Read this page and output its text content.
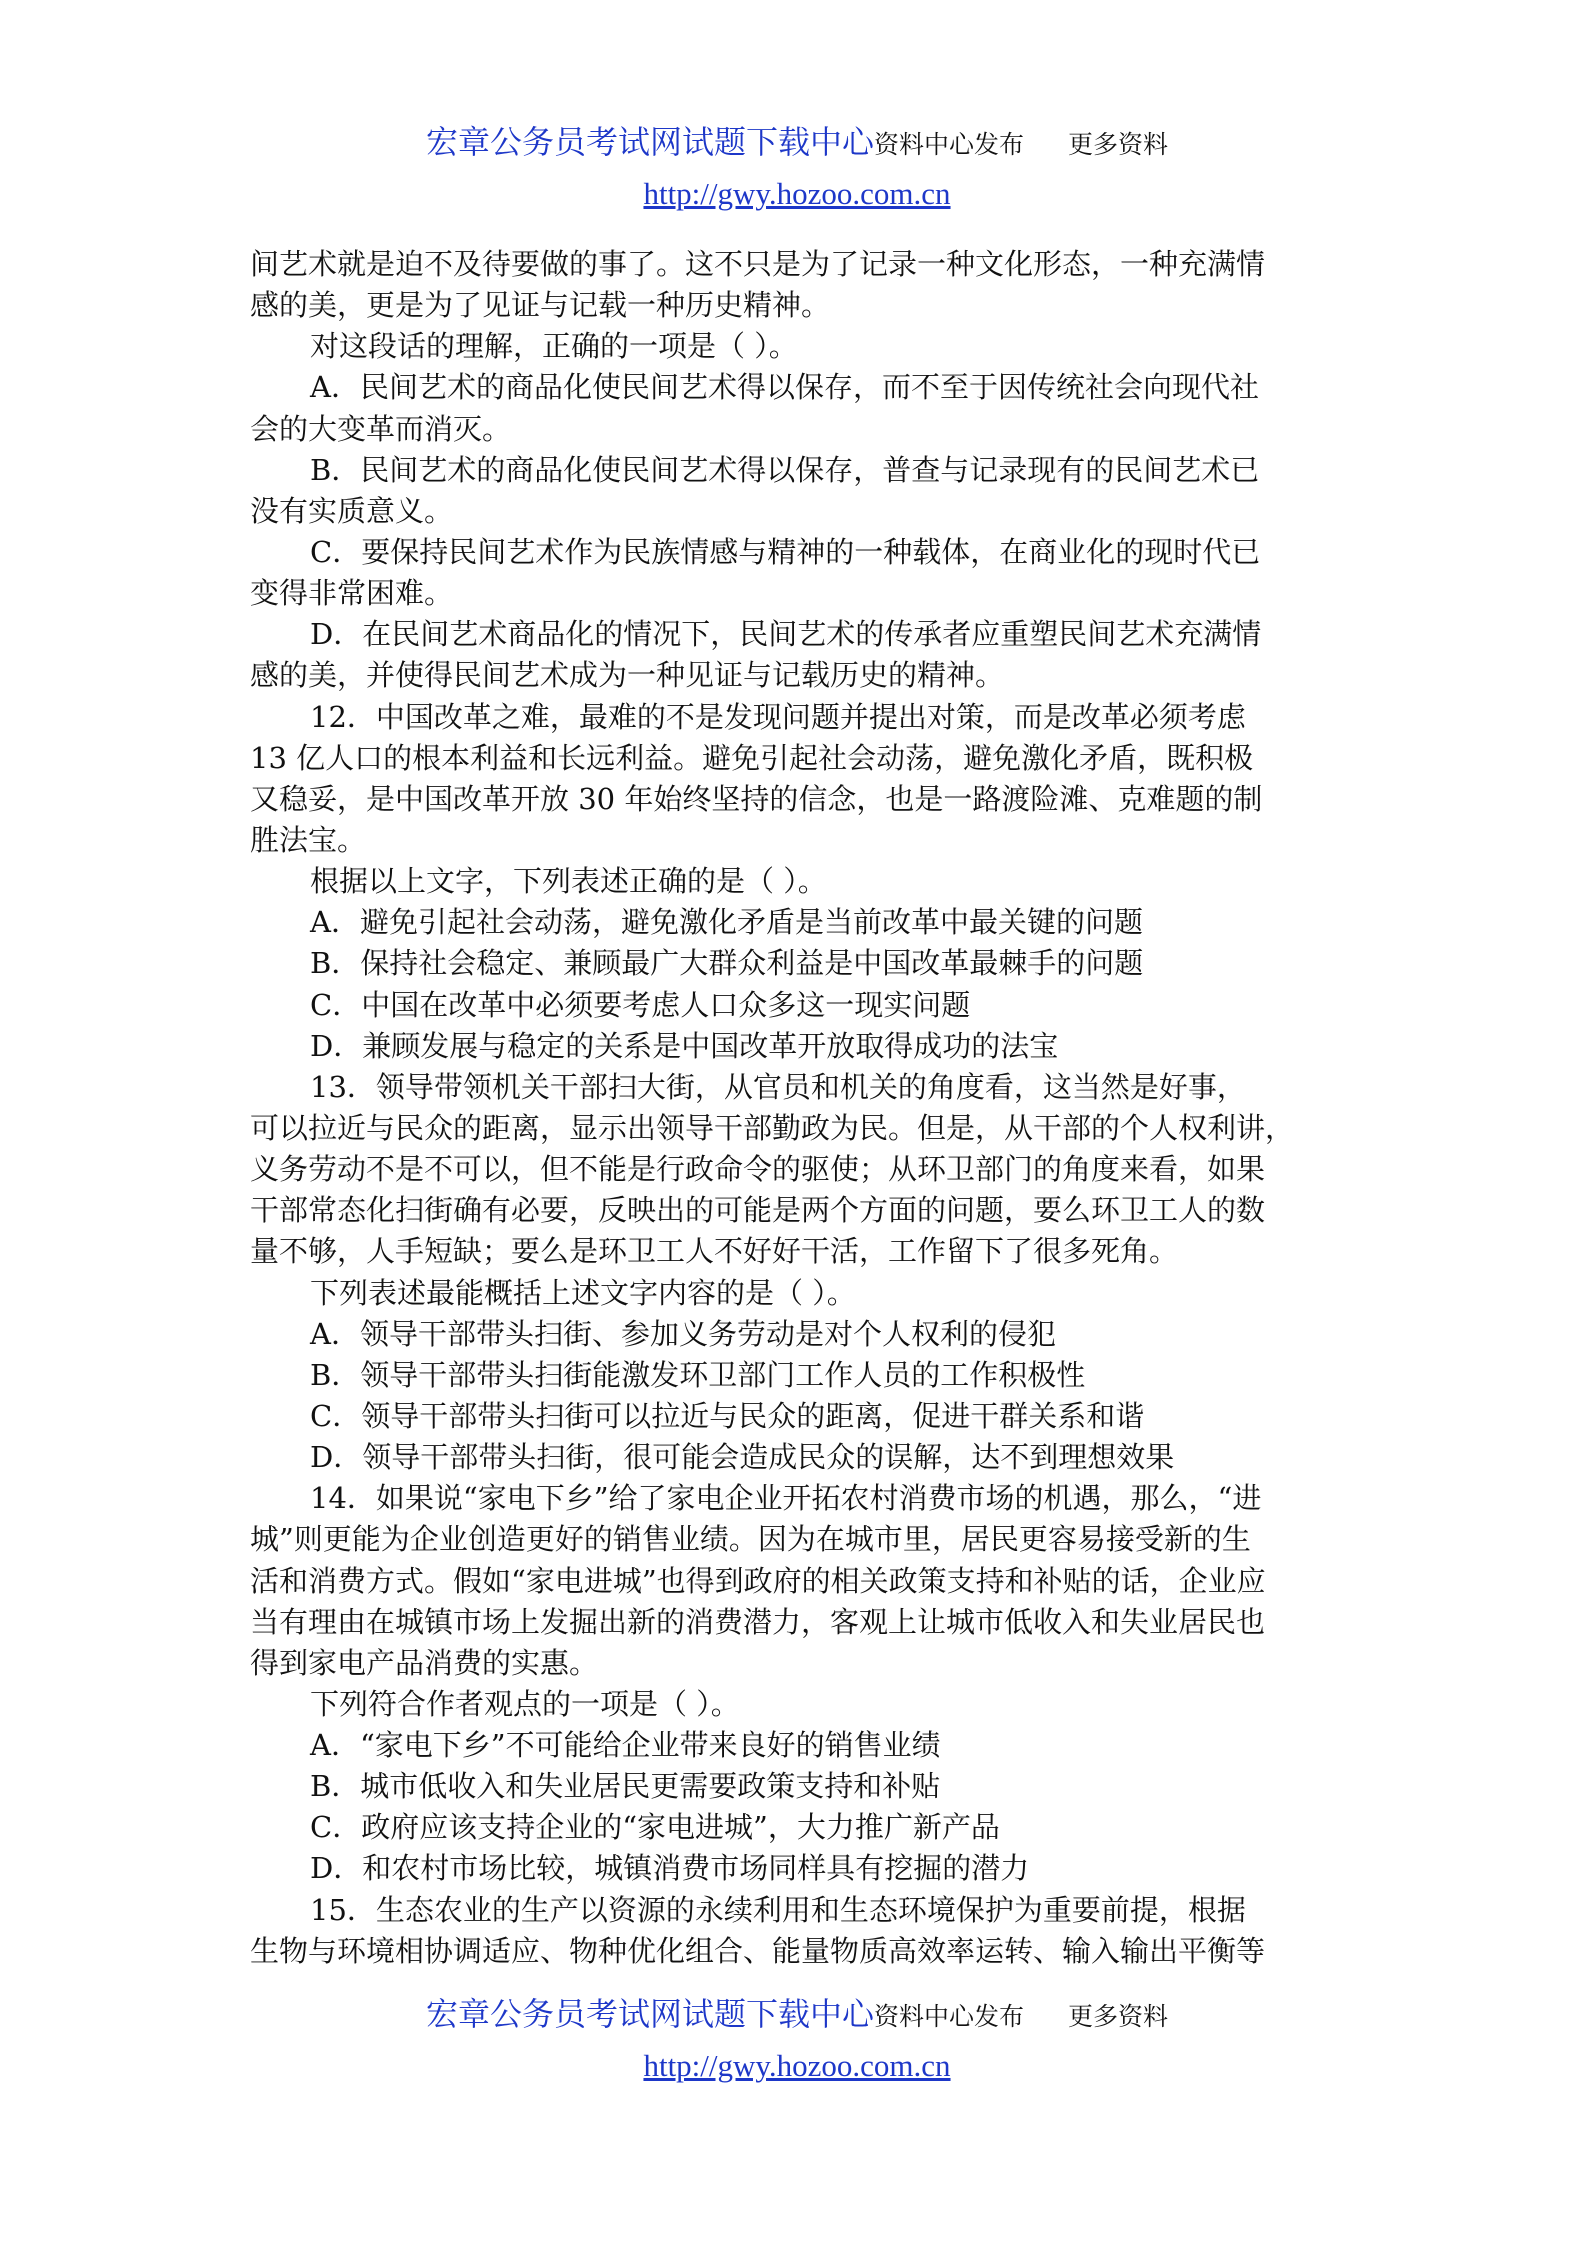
宏章公务员考试网试题下载中心资料中心发布 更多资料
http://gwy.hozoo.com.cn
间艺术就是迫不及待要做的事了。这不只是为了记录一种文化形态，一种充满情
感的美，更是为了见证与记载一种历史精神。
对这段话的理解，正确的一项是（ ）。
A．民间艺术的商品化使民间艺术得以保存，而不至于因传统社会向现代社
会的大变革而消灭。
B．民间艺术的商品化使民间艺术得以保存，普查与记录现有的民间艺术已
没有实质意义。
C．要保持民间艺术作为民族情感与精神的一种载体，在商业化的现时代已
变得非常困难。
D．在民间艺术商品化的情况下，民间艺术的传承者应重塑民间艺术充满情
感的美，并使得民间艺术成为一种见证与记载历史的精神。
12．中国改革之难，最难的不是发现问题并提出对策，而是改革必须考虑
13 亿人口的根本利益和长远利益。避免引起社会动荡，避免激化矛盾，既积极
又稳妥，是中国改革开放 30 年始终坚持的信念，也是一路渡险滩、克难题的制
胜法宝。
根据以上文字，下列表述正确的是（ ）。
A．避免引起社会动荡，避免激化矛盾是当前改革中最关键的问题
B．保持社会稳定、兼顾最广大群众利益是中国改革最棘手的问题
C．中国在改革中必须要考虑人口众多这一现实问题
D．兼顾发展与稳定的关系是中国改革开放取得成功的法宝
13．领导带领机关干部扫大街，从官员和机关的角度看，这当然是好事，
可以拉近与民众的距离，显示出领导干部勤政为民。但是，从干部的个人权利讲，
义务劳动不是不可以，但不能是行政命令的驱使；从环卫部门的角度来看，如果
干部常态化扫街确有必要，反映出的可能是两个方面的问题，要么环卫工人的数
量不够，人手短缺；要么是环卫工人不好好干活，工作留下了很多死角。
下列表述最能概括上述文字内容的是（ ）。
A．领导干部带头扫街、参加义务劳动是对个人权利的侵犯
B．领导干部带头扫街能激发环卫部门工作人员的工作积极性
C．领导干部带头扫街可以拉近与民众的距离，促进干群关系和谐
D．领导干部带头扫街，很可能会造成民众的误解，达不到理想效果
14．如果说“家电下乡”给了家电企业开拓农村消费市场的机遇，那么，“进
城”则更能为企业创造更好的销售业绩。因为在城市里，居民更容易接受新的生
活和消费方式。假如“家电进城”也得到政府的相关政策支持和补贴的话，企业应
当有理由在城镇市场上发掘出新的消费潜力，客观上让城市低收入和失业居民也
得到家电产品消费的实惠。
下列符合作者观点的一项是（ ）。
A．“家电下乡”不可能给企业带来良好的销售业绩
B．城市低收入和失业居民更需要政策支持和补贴
C．政府应该支持企业的“家电进城”，大力推广新产品
D．和农村市场比较，城镇消费市场同样具有挖掘的潜力
15．生态农业的生产以资源的永续利用和生态环境保护为重要前提，根据
生物与环境相协调适应、物种优化组合、能量物质高效率运转、输入输出平衡等
宏章公务员考试网试题下载中心资料中心发布 更多资料
http://gwy.hozoo.com.cn
